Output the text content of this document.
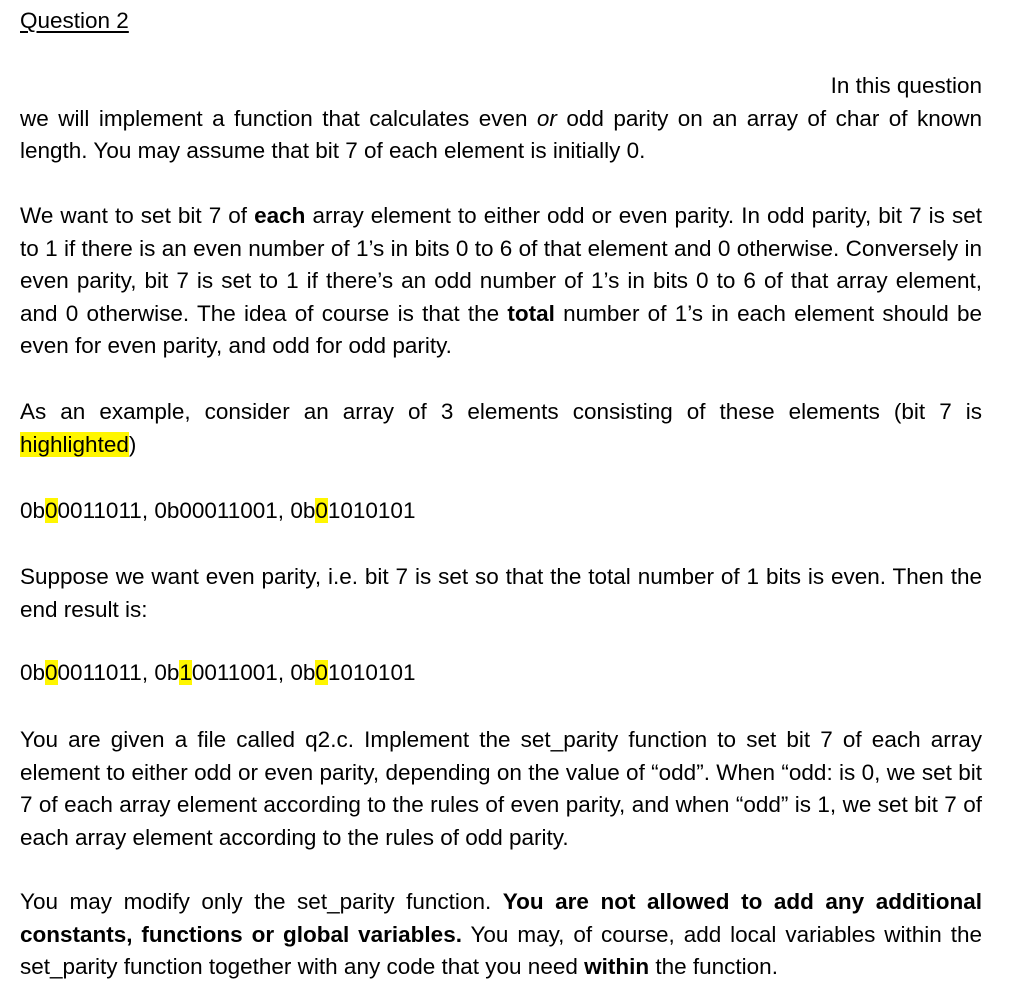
Question 2

In this question
we will implement a function that calculates even or odd parity on an array of char of known length. You may assume that bit 7 of each element is initially 0.

We want to set bit 7 of each array element to either odd or even parity. In odd parity, bit 7 is set to 1 if there is an even number of 1’s in bits 0 to 6 of that element and 0 otherwise. Conversely in even parity, bit 7 is set to 1 if there’s an odd number of 1’s in bits 0 to 6 of that array element, and 0 otherwise. The idea of course is that the total number of 1’s in each element should be even for even parity, and odd for odd parity.

As an example, consider an array of 3 elements consisting of these elements (bit 7 is highlighted)

0b00011011, 0b00011001, 0b01010101

Suppose we want even parity, i.e. bit 7 is set so that the total number of 1 bits is even. Then the end result is:

0b00011011, 0b10011001, 0b01010101

You are given a file called q2.c. Implement the set_parity function to set bit 7 of each array element to either odd or even parity, depending on the value of “odd”. When “odd: is 0, we set bit 7 of each array element according to the rules of even parity, and when “odd” is 1, we set bit 7 of each array element according to the rules of odd parity.

You may modify only the set_parity function. You are not allowed to add any additional constants, functions or global variables. You may, of course, add local variables within the set_parity function together with any code that you need within the function.
